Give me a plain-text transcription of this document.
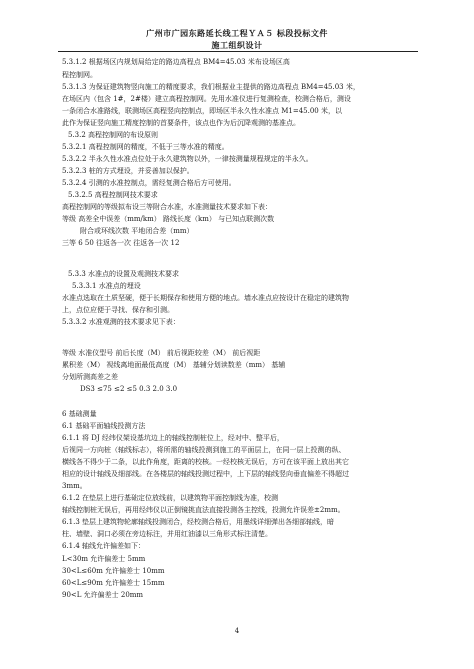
广州市广园东路延长线工程ＹＡ５ 标段投标文件
施工组织设计
5.3.1.2 根据场区内规划局给定的路边高程点 BM4=45.03 米布设场区高
程控制网。
5.3.1.3 为保证建筑物竖向施工的精度要求，我们根据业主提供的路边高程点 BM4=45.03 米，
在场区内（包含 1#，2#楼）建立高程控制网。先用水准仪进行复测检查，校测合格后，测设
一条闭合水准路线，联测场区高程竖向控制点，即场区半永久性水准点 M1=45.00 米，以
此作为保证竖向施工精度控制的首要条件，该点也作为后沉降观测的基准点。
5.3.2 高程控制网的布设原则
5.3.2.1 高程控制网的精度，不低于三等水准的精度。
5.3.2.2 半永久性水准点位处于永久建筑物以外，一律按测量规程规定的半永久。
5.3.2.3 桩的方式埋设，并妥善加以保护。
5.3.2.4 引测的水准控制点，需经复测合格后方可使用。
5.3.2.5 高程控制网技术要求
高程控制网的等级拟布设三等附合水准，水准测量技术要求如下表：
等级 高差全中误差（mm/km） 路线长度（km） 与已知点联测次数
附合或环线次数 平地闭合差（mm）
三等 6 50 往返各一次 往返各一次 12
5.3.3 水准点的设置及观测技术要求
5.3.3.1 水准点的埋设
水准点选取在土质坚硬，便于长期保存和使用方便的地点。墙水准点应按设计在稳定的建筑物
上，点位应便于寻找、保存和引测。
5.3.3.2 水准观测的技术要求见下表：
等级 水准仪型号 前后长度（M） 前后视距较差（M） 前后视距
累积差（M） 视线离地面最低高度（M） 基辅分划读数差（mm） 基辅
分划所测高差之差
DS3 ≤75 ≤2 ≤5 0.3 2.0 3.0
6 基础测量
6.1 基础平面轴线投测方法
6.1.1 将 DJ 经纬仪架设基坑边上的轴线控制桩位上，经对中、整平后，
后视同一方向桩（轴线标志），将所需的轴线投测到施工的平面层上，在同一层上投测的纵、
横线各不得少于二条，以此作角度，距离的校核。一经校核无误后，方可在该平面上放出其它
相应的设计轴线及细部线。在各楼层的轴线投测过程中，上下层的轴线竖向垂直偏差不得超过
3mm。
6.1.2 在垫层上进行基础定位放线前，以建筑物平面控制线为准，校测
轴线控制桩无误后，再用经纬仪以正倒镜挑直法直接投测各主控线，投测允许误差±2mm。
6.1.3 垫层上建筑物轮廓轴线投测闭合，经校测合格后，用墨线详细弹出各细部轴线，暗
柱、墙壁、洞口必须在旁边标注，并用红油漆以三角形式标注清楚。
6.1.4 轴线允许偏差如下：
L<30m 允许偏差士 5mm
30<L≤60m 允许偏差士 10mm
60<L≤90m 允许偏差士 15mm
90<L 允许偏差士 20mm
4
